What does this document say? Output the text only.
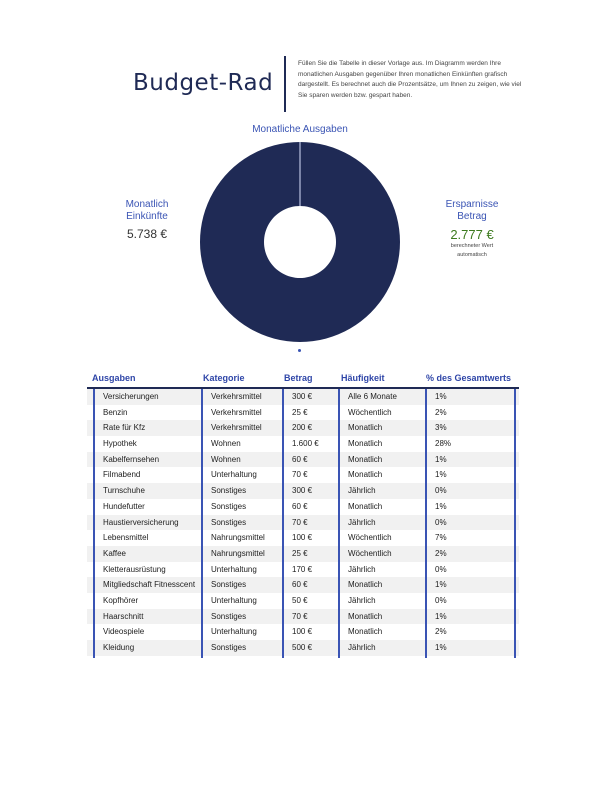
Budget-Rad
Füllen Sie die Tabelle in dieser Vorlage aus. Im Diagramm werden Ihre monatlichen Ausgaben gegenüber Ihren monatlichen Einkünften grafisch dargestellt. Es berechnet auch die Prozentsätze, um Ihnen zu zeigen, wie viel Sie sparen werden bzw. gespart haben.
Monatliche Ausgaben
Monatlich
Einkünfte
5.738 €
Ersparnisse
Betrag
2.777 €
berechneter Wert
automatisch
Ausgaben	Kategorie	Betrag	Häufigkeit	% des Gesamtwerts
Versicherungen	Verkehrsmittel	300 €	Alle 6 Monate	1%
Benzin	Verkehrsmittel	25 €	Wöchentlich	2%
Rate für Kfz	Verkehrsmittel	200 €	Monatlich	3%
Hypothek	Wohnen	1.600 €	Monatlich	28%
Kabelfernsehen	Wohnen	60 €	Monatlich	1%
Filmabend	Unterhaltung	70 €	Monatlich	1%
Turnschuhe	Sonstiges	300 €	Jährlich	0%
Hundefutter	Sonstiges	60 €	Monatlich	1%
Haustierversicherung	Sonstiges	70 €	Jährlich	0%
Lebensmittel	Nahrungsmittel	100 €	Wöchentlich	7%
Kaffee	Nahrungsmittel	25 €	Wöchentlich	2%
Kletterausrüstung	Unterhaltung	170 €	Jährlich	0%
Mitgliedschaft Fitnesscent	Sonstiges	60 €	Monatlich	1%
Kopfhörer	Unterhaltung	50 €	Jährlich	0%
Haarschnitt	Sonstiges	70 €	Monatlich	1%
Videospiele	Unterhaltung	100 €	Monatlich	2%
Kleidung	Sonstiges	500 €	Jährlich	1%
